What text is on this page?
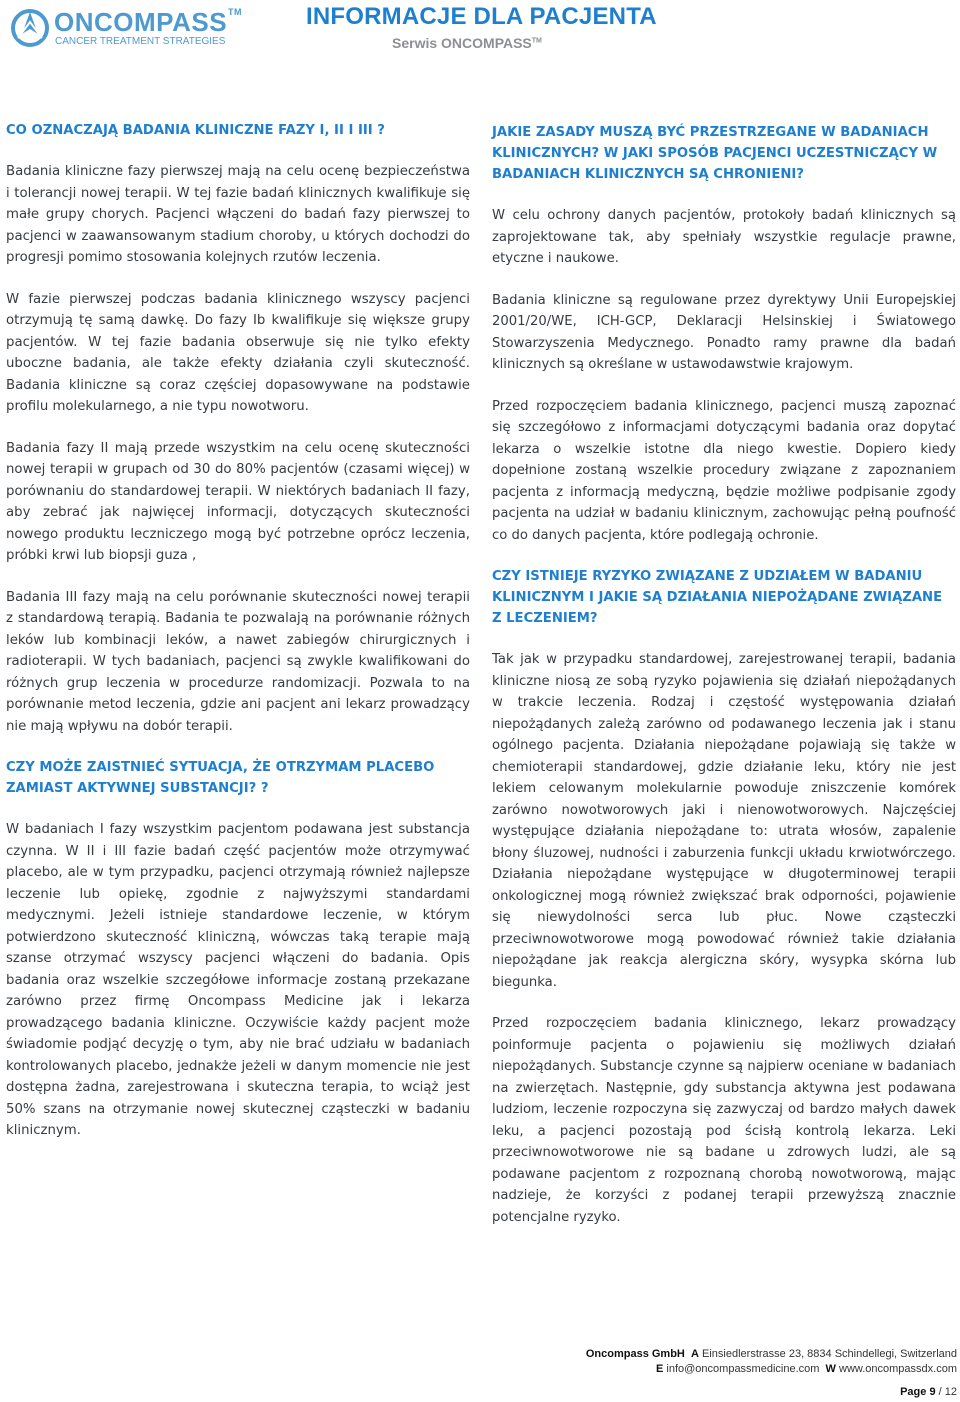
ONCOMPASS™
CANCER TREATMENT STRATEGIES
INFORMACJE DLA PACJENTA
Serwis ONCOMPASS™
CO OZNACZAJĄ BADANIA KLINICZNE FAZY I, II I III ?

Badania kliniczne fazy pierwszej mają na celu ocenę bezpieczeństwa i tolerancji nowej terapii. W tej fazie badań klinicznych kwalifikuje się małe grupy chorych. Pacjenci włączeni do badań fazy pierwszej to pacjenci w zaawansowanym stadium choroby, u których dochodzi do progresji pomimo stosowania kolejnych rzutów leczenia.

W fazie pierwszej podczas badania klinicznego wszyscy pacjenci otrzymują tę samą dawkę. Do fazy Ib kwalifikuje się większe grupy pacjentów. W tej fazie badania obserwuje się nie tylko efekty uboczne badania, ale także efekty działania czyli skuteczność. Badania kliniczne są coraz częściej dopasowywane na podstawie profilu molekularnego, a nie typu nowotworu.

Badania fazy II mają przede wszystkim na celu ocenę skuteczności nowej terapii w grupach od 30 do 80% pacjentów (czasami więcej) w porównaniu do standardowej terapii. W niektórych badaniach II fazy, aby zebrać jak najwięcej informacji, dotyczących skuteczności nowego produktu leczniczego mogą być potrzebne oprócz leczenia, próbki krwi lub biopsji guza ,

Badania III fazy mają na celu porównanie skuteczności nowej terapii z standardową terapią. Badania te pozwalają na porównanie różnych leków lub kombinacji leków, a nawet zabiegów chirurgicznych i radioterapii. W tych badaniach, pacjenci są zwykle kwalifikowani do różnych grup leczenia w procedurze randomizacji. Pozwala to na porównanie metod leczenia, gdzie ani pacjent ani lekarz prowadzący nie mają wpływu na dobór terapii.

CZY MOŻE ZAISTNIEĆ SYTUACJA, ŻE OTRZYMAM PLACEBO ZAMIAST AKTYWNEJ SUBSTANCJI? ?

W badaniach I fazy wszystkim pacjentom podawana jest substancja czynna. W II i III fazie badań część pacjentów może otrzymywać placebo, ale w tym przypadku, pacjenci otrzymają również najlepsze leczenie lub opiekę, zgodnie z najwyższymi standardami medycznymi. Jeżeli istnieje standardowe leczenie, w którym potwierdzono skuteczność kliniczną, wówczas taką terapie mają szanse otrzymać wszyscy pacjenci włączeni do badania. Opis badania oraz wszelkie szczegółowe informacje zostaną przekazane zarówno przez firmę Oncompass Medicine jak i lekarza prowadzącego badania kliniczne. Oczywiście każdy pacjent może świadomie podjąć decyzję o tym, aby nie brać udziału w badaniach kontrolowanych placebo, jednakże jeżeli w danym momencie nie jest dostępna żadna, zarejestrowana i skuteczna terapia, to wciąż jest 50% szans na otrzymanie nowej skutecznej cząsteczki w badaniu klinicznym.

JAKIE ZASADY MUSZĄ BYĆ PRZESTRZEGANE W BADANIACH KLINICZNYCH? W JAKI SPOSÓB PACJENCI UCZESTNICZĄCY W BADANIACH KLINICZNYCH SĄ CHRONIENI?

W celu ochrony danych pacjentów, protokoły badań klinicznych są zaprojektowane tak, aby spełniały wszystkie regulacje prawne, etyczne i naukowe.

Badania kliniczne są regulowane przez dyrektywy Unii Europejskiej 2001/20/WE, ICH-GCP, Deklaracji Helsinskiej i Światowego Stowarzyszenia Medycznego. Ponadto ramy prawne dla badań klinicznych są określane w ustawodawstwie krajowym.

Przed rozpoczęciem badania klinicznego, pacjenci muszą zapoznać się szczegółowo z informacjami dotyczącymi badania oraz dopytać lekarza o wszelkie istotne dla niego kwestie. Dopiero kiedy dopełnione zostaną wszelkie procedury związane z zapoznaniem pacjenta z informacją medyczną, będzie możliwe podpisanie zgody pacjenta na udział w badaniu klinicznym, zachowując pełną poufność co do danych pacjenta, które podlegają ochronie.

CZY ISTNIEJE RYZYKO ZWIĄZANE Z UDZIAŁEM W BADANIU KLINICZNYM I JAKIE SĄ DZIAŁANIA NIEPOŻĄDANE ZWIĄZANE Z LECZENIEM?

Tak jak w przypadku standardowej, zarejestrowanej terapii, badania kliniczne niosą ze sobą ryzyko pojawienia się działań niepożądanych w trakcie leczenia. Rodzaj i częstość występowania działań niepożądanych zależą zarówno od podawanego leczenia jak i stanu ogólnego pacjenta. Działania niepożądane pojawiają się także w chemioterapii standardowej, gdzie działanie leku, który nie jest lekiem celowanym molekularnie powoduje zniszczenie komórek zarówno nowotworowych jaki i nienowotworowych. Najczęściej występujące działania niepożądane to: utrata włosów, zapalenie błony śluzowej, nudności i zaburzenia funkcji układu krwiotwórczego. Działania niepożądane występujące w długoterminowej terapii onkologicznej mogą również zwiększać brak odporności, pojawienie się niewydolności serca lub płuc. Nowe cząsteczki przeciwnowotworowe mogą powodować również takie działania niepożądane jak reakcja alergiczna skóry, wysypka skórna lub biegunka.

Przed rozpoczęciem badania klinicznego, lekarz prowadzący poinformuje pacjenta o pojawieniu się możliwych działań niepożądanych. Substancje czynne są najpierw oceniane w badaniach na zwierzętach. Następnie, gdy substancja aktywna jest podawana ludziom, leczenie rozpoczyna się zazwyczaj od bardzo małych dawek leku, a pacjenci pozostają pod ścisłą kontrolą lekarza. Leki przeciwnowotworowe nie są badane u zdrowych ludzi, ale są podawane pacjentom z rozpoznaną chorobą nowotworową, mając nadzieje, że korzyści z podanej terapii przewyższą znacznie potencjalne ryzyko.

Oncompass GmbH A Einsiedlerstrasse 23, 8834 Schindellegi, Switzerland
E info@oncompassmedicine.com W www.oncompassdx.com
Page 9 / 12
